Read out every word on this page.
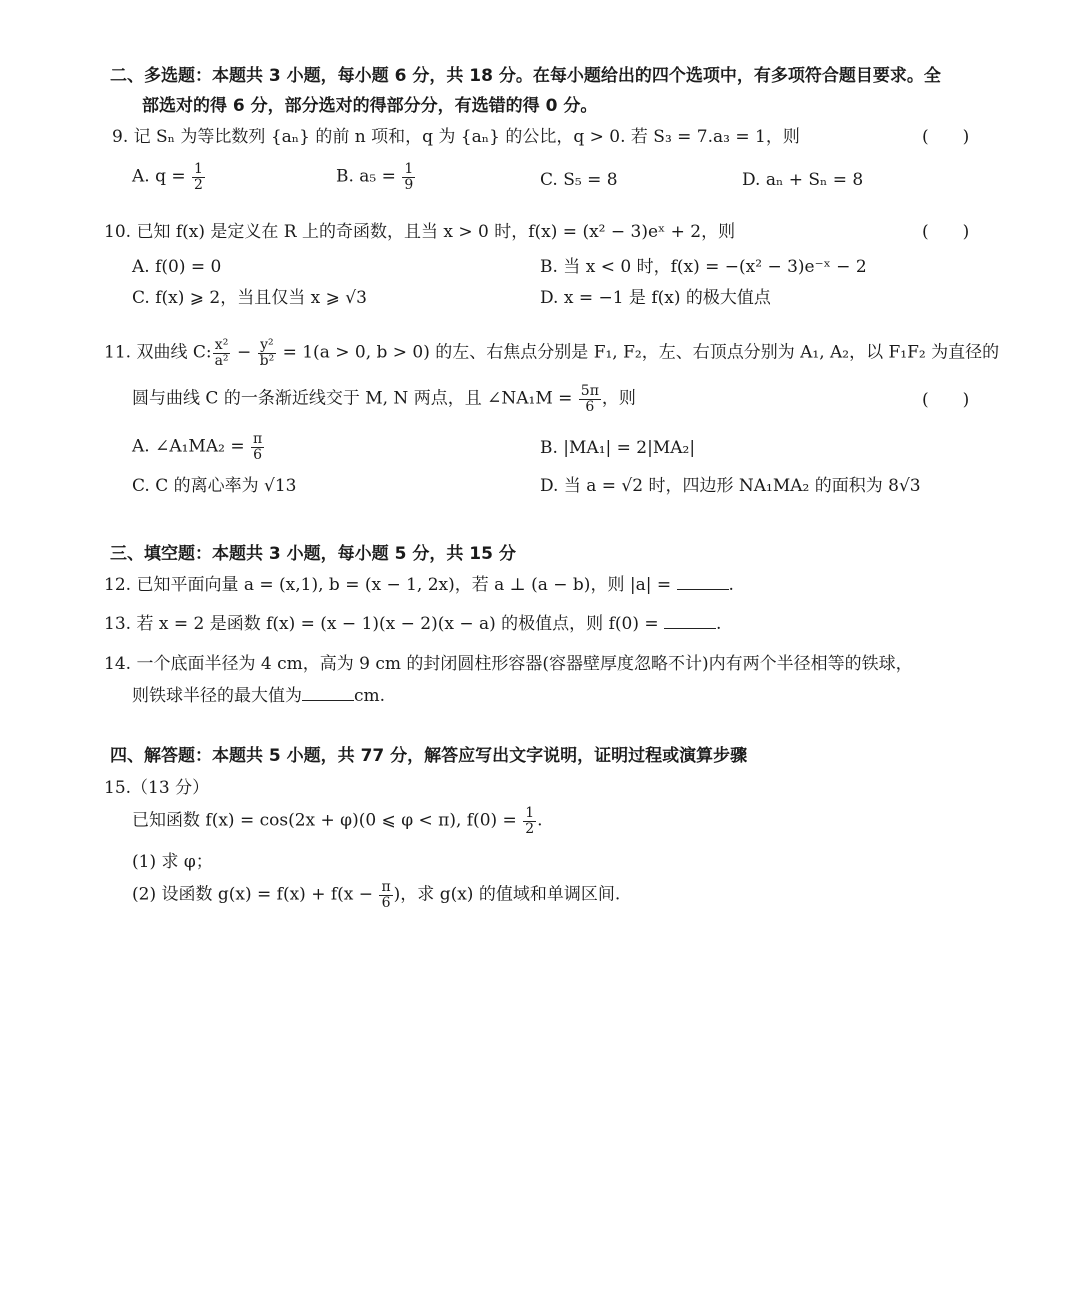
二、多选题：本题共 3 小题，每小题 6 分，共 18 分。在每小题给出的四个选项中，有多项符合题目要求。全
部选对的得 6 分，部分选对的得部分分，有选错的得 0 分。
9. 记 Sₙ 为等比数列 {aₙ} 的前 n 项和，q 为 {aₙ} 的公比，q > 0. 若 S₃ = 7.a₃ = 1，则	(　　)
A. $q = \frac{1}{2}$	B. $a_5 = \frac{1}{9}$	C. S₅ = 8	D. aₙ + Sₙ = 8
10. 已知 f(x) 是定义在 R 上的奇函数，且当 x > 0 时，f(x) = (x² − 3)eˣ + 2，则	(　　)
A. f(0) = 0	B. 当 x < 0 时，f(x) = −(x² − 3)e⁻ˣ − 2
C. f(x) ⩾ 2，当且仅当 x ⩾ √3	D. x = −1 是 f(x) 的极大值点
11. 双曲线 C: $\frac{\text{x²}}{\text{a²}} - \frac{\text{y²}}{\text{b²}} = 1(a > 0$, b > 0) 的左、右焦点分别是 F₁, F₂，左、右顶点分别为 A₁, A₂，以 F₁F₂ 为直径的
圆与曲线 C 的一条渐近线交于 M, N 两点，且 ∠NA₁M = $\frac{5\pi}{6}$ ，则	(　　)
A. ∠A₁MA₂ = $\frac{\pi}{6}$	B. |MA₁| = 2|MA₂|
C. C 的离心率为 √13	D. 当 a = √2 时，四边形 NA₁MA₂ 的面积为 8√3
三、填空题：本题共 3 小题，每小题 5 分，共 15 分
12. 已知平面向量 a = (x,1), b = (x − 1, 2x)，若 a ⊥ (a − b)，则 |a| =	.
13. 若 x = 2 是函数 f(x) = (x − 1)(x − 2)(x − a) 的极值点，则 f(0) =	.
14. 一个底面半径为 4 cm，高为 9 cm 的封闭圆柱形容器(容器壁厚度忽略不计)内有两个半径相等的铁球，
则铁球半径的最大值为	cm.
四、解答题：本题共 5 小题，共 77 分，解答应写出文字说明，证明过程或演算步骤
15.（13 分）
已知函数 f(x) = cos(2x + φ)(0 ⩽ φ < π), $f(0) = \frac{1}{2}$ .
(1) 求 φ；
(2) 设函数 $g(x) = f(x) + f(x - \frac{\pi}{6}$ )，求 g(x) 的值域和单调区间.
